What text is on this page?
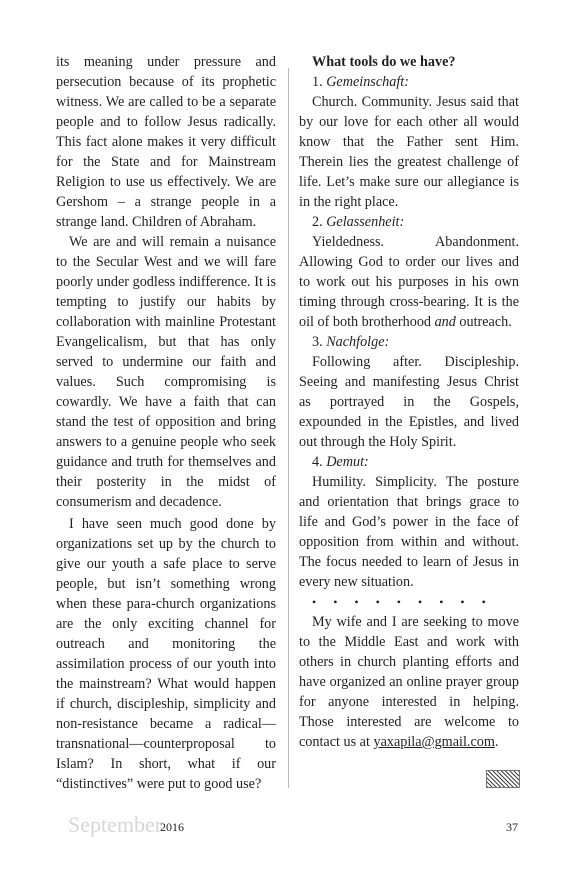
its meaning under pressure and persecution because of its prophetic witness. We are called to be a separate people and to follow Jesus radically. This fact alone makes it very difficult for the State and for Mainstream Religion to use us effectively. We are Gershom – a strange people in a strange land. Children of Abraham.

We are and will remain a nuisance to the Secular West and we will fare poorly under godless indifference. It is tempting to justify our habits by collaboration with mainline Protestant Evangelicalism, but that has only served to undermine our faith and values. Such compromising is cowardly. We have a faith that can stand the test of opposition and bring answers to a genuine people who seek guidance and truth for themselves and their posterity in the midst of consumerism and decadence.

I have seen much good done by organizations set up by the church to give our youth a safe place to serve people, but isn’t something wrong when these para-church organizations are the only exciting channel for outreach and monitoring the assimilation process of our youth into the mainstream? What would happen if church, discipleship, simplicity and non-resistance became a radical—transnational—counterproposal to Islam? In short, what if our “distinctives” were put to good use?

What tools do we have?

1. Gemeinschaft:

Church. Community. Jesus said that by our love for each other all would know that the Father sent Him. Therein lies the greatest challenge of life. Let’s make sure our allegiance is in the right place.

2. Gelassenheit:

Yieldedness. Abandonment. Allowing God to order our lives and to work out his purposes in his own timing through cross-bearing. It is the oil of both brotherhood and outreach.

3. Nachfolge:

Following after. Discipleship. Seeing and manifesting Jesus Christ as portrayed in the Gospels, expounded in the Epistles, and lived out through the Holy Spirit.

4. Demut:

Humility. Simplicity. The posture and orientation that brings grace to life and God’s power in the face of opposition from within and without. The focus needed to learn of Jesus in every new situation.

• • • • • • • • •

My wife and I are seeking to move to the Middle East and work with others in church planting efforts and have organized an online prayer group for anyone interested in helping. Those interested are welcome to contact us at yaxapila@gmail.com.

September
2016	37
